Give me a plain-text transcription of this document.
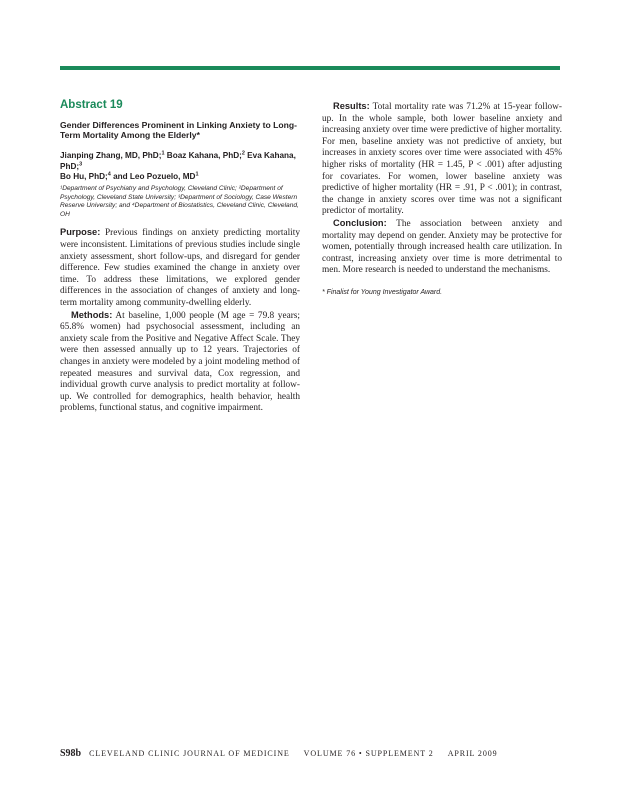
Abstract 19
Gender Differences Prominent in Linking Anxiety to Long-Term Mortality Among the Elderly*
Jianping Zhang, MD, PhD;$^1$ Boaz Kahana, PhD;$^2$ Eva Kahana, PhD;$^3$
Bo Hu, PhD;$^4$ and Leo Pozuelo, $MD^1$
¹Department of Psychiatry and Psychology, Cleveland Clinic; ²Department of Psychology, Cleveland State University; ³Department of Sociology, Case Western Reserve University; and ⁴Department of Biostatistics, Cleveland Clinic, Cleveland, OH

Purpose: Previous findings on anxiety predicting mortality were inconsistent. Limitations of previous studies include single anxiety assessment, short follow-ups, and disregard for gender difference. Few studies examined the change in anxiety over time. To address these limitations, we explored gender differences in the association of changes of anxiety and long-term mortality among community-dwelling elderly.

Methods: At baseline, 1,000 people (M age = 79.8 years; 65.8% women) had psychosocial assessment, including an anxiety scale from the Positive and Negative Affect Scale. They were then assessed annually up to 12 years. Trajectories of changes in anxiety were modeled by a joint modeling method of repeated measures and survival data, Cox regression, and individual growth curve analysis to predict mortality at follow-up. We controlled for demographics, health behavior, health problems, functional status, and cognitive impairment.

Results: Total mortality rate was 71.2% at 15-year follow-up. In the whole sample, both lower baseline anxiety and increasing anxiety over time were predictive of higher mortality. For men, baseline anxiety was not predictive of anxiety, but increases in anxiety scores over time were associated with 45% higher risks of mortality (HR = 1.45, P < .001) after adjusting for covariates. For women, lower baseline anxiety was predictive of higher mortality (HR = .91, P < .001); in contrast, the change in anxiety scores over time was not a significant predictor of mortality.

Conclusion: The association between anxiety and mortality may depend on gender. Anxiety may be protective for women, potentially through increased health care utilization. In contrast, increasing anxiety over time is more detrimental to men. More research is needed to understand the mechanisms.

* Finalist for Young Investigator Award.
S98b CLEVELAND CLINIC JOURNAL OF MEDICINE VOLUME 76 • SUPPLEMENT 2 APRIL 2009
